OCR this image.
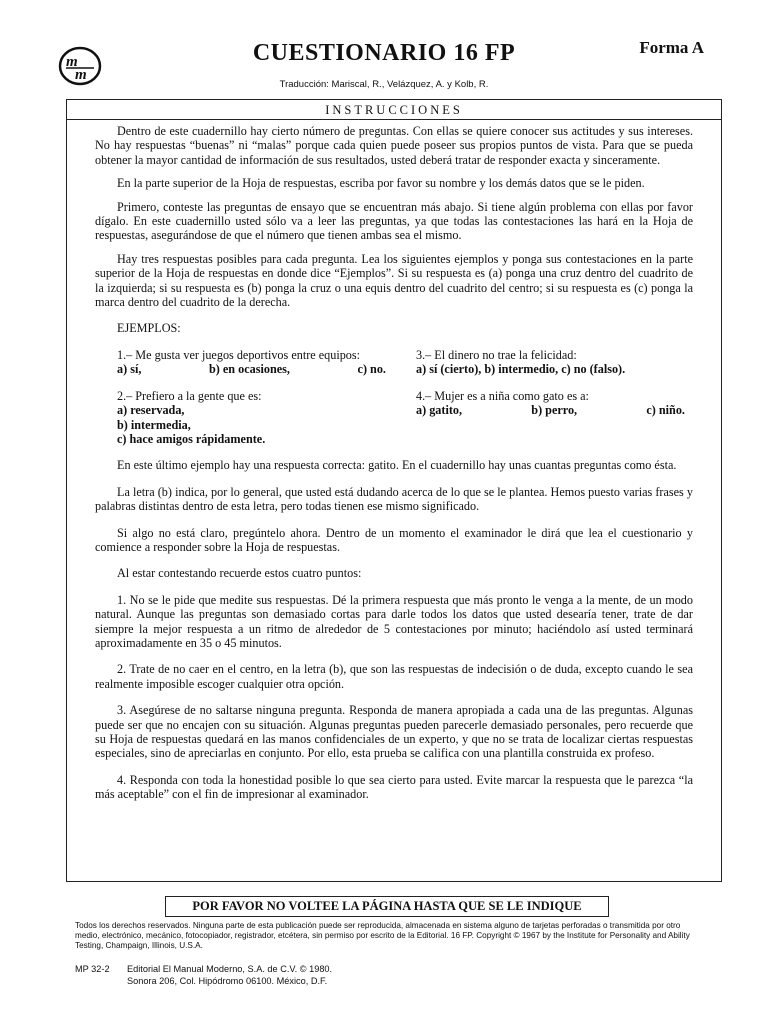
m
m
CUESTIONARIO 16 FP	Forma A
Traducción: Mariscal, R., Velázquez, A. y Kolb, R.
INSTRUCCIONES

Dentro de este cuadernillo hay cierto número de preguntas. Con ellas se quiere conocer sus actitudes y sus intereses. No hay respuestas “buenas” ni “malas” porque cada quien puede poseer sus propios puntos de vista. Para que se pueda obtener la mayor cantidad de información de sus resultados, usted deberá tratar de responder exacta y sinceramente.

En la parte superior de la Hoja de respuestas, escriba por favor su nombre y los demás datos que se le piden.

Primero, conteste las preguntas de ensayo que se encuentran más abajo. Si tiene algún problema con ellas por favor dígalo. En este cuadernillo usted sólo va a leer las preguntas, ya que todas las contestaciones las hará en la Hoja de respuestas, asegurándose de que el número que tienen ambas sea el mismo.

Hay tres respuestas posibles para cada pregunta. Lea los siguientes ejemplos y ponga sus contestaciones en la parte superior de la Hoja de respuestas en donde dice “Ejemplos”. Si su respuesta es (a) ponga una cruz dentro del cuadrito de la izquierda; si su respuesta es (b) ponga la cruz o una equis dentro del cuadrito del centro; si su respuesta es (c) ponga la marca dentro del cuadrito de la derecha.

EJEMPLOS:
1.– Me gusta ver juegos deportivos entre equipos:
a) sí,	b) en ocasiones,	c) no.
2.– Prefiero a la gente que es:
a) reservada,
b) intermedia,
c) hace amigos rápidamente.
3.– El dinero no trae la felicidad:
a) sí (cierto), b) intermedio, c) no (falso).
4.– Mujer es a niña como gato es a:
a) gatito,	b) perro,	c) niño.

En este último ejemplo hay una respuesta correcta: gatito. En el cuadernillo hay unas cuantas preguntas como ésta.

La letra (b) indica, por lo general, que usted está dudando acerca de lo que se le plantea. Hemos puesto varias frases y palabras distintas dentro de esta letra, pero todas tienen ese mismo significado.

Si algo no está claro, pregúntelo ahora. Dentro de un momento el examinador le dirá que lea el cuestionario y comience a responder sobre la Hoja de respuestas.

Al estar contestando recuerde estos cuatro puntos:

1. No se le pide que medite sus respuestas. Dé la primera respuesta que más pronto le venga a la mente, de un modo natural. Aunque las preguntas son demasiado cortas para darle todos los datos que usted desearía tener, trate de dar siempre la mejor respuesta a un ritmo de alrededor de 5 contestaciones por minuto; haciéndolo así usted terminará aproximadamente en 35 o 45 minutos.

2. Trate de no caer en el centro, en la letra (b), que son las respuestas de indecisión o de duda, excepto cuando le sea realmente imposible escoger cualquier otra opción.

3. Asegúrese de no saltarse ninguna pregunta. Responda de manera apropiada a cada una de las preguntas. Algunas puede ser que no encajen con su situación. Algunas preguntas pueden parecerle demasiado personales, pero recuerde que su Hoja de respuestas quedará en las manos confidenciales de un experto, y que no se trata de localizar ciertas respuestas especiales, sino de apreciarlas en conjunto. Por ello, esta prueba se califica con una plantilla construida ex profeso.

4. Responda con toda la honestidad posible lo que sea cierto para usted. Evite marcar la respuesta que le parezca “la más aceptable” con el fin de impresionar al examinador.

POR FAVOR NO VOLTEE LA PÁGINA HASTA QUE SE LE INDIQUE
Todos los derechos reservados. Ninguna parte de esta publicación puede ser reproducida, almacenada en sistema alguno de tarjetas perforadas o transmitida por otro medio, electrónico, mecánico, fotocopiador, registrador, etcétera, sin permiso por escrito de la Editorial. 16 FP. Copyright © 1967 by the Institute for Personality and Ability Testing, Champaign, Illinois, U.S.A.
MP 32-2 Editorial El Manual Moderno, S.A. de C.V. © 1980.
Sonora 206, Col. Hipódromo 06100. México, D.F.
